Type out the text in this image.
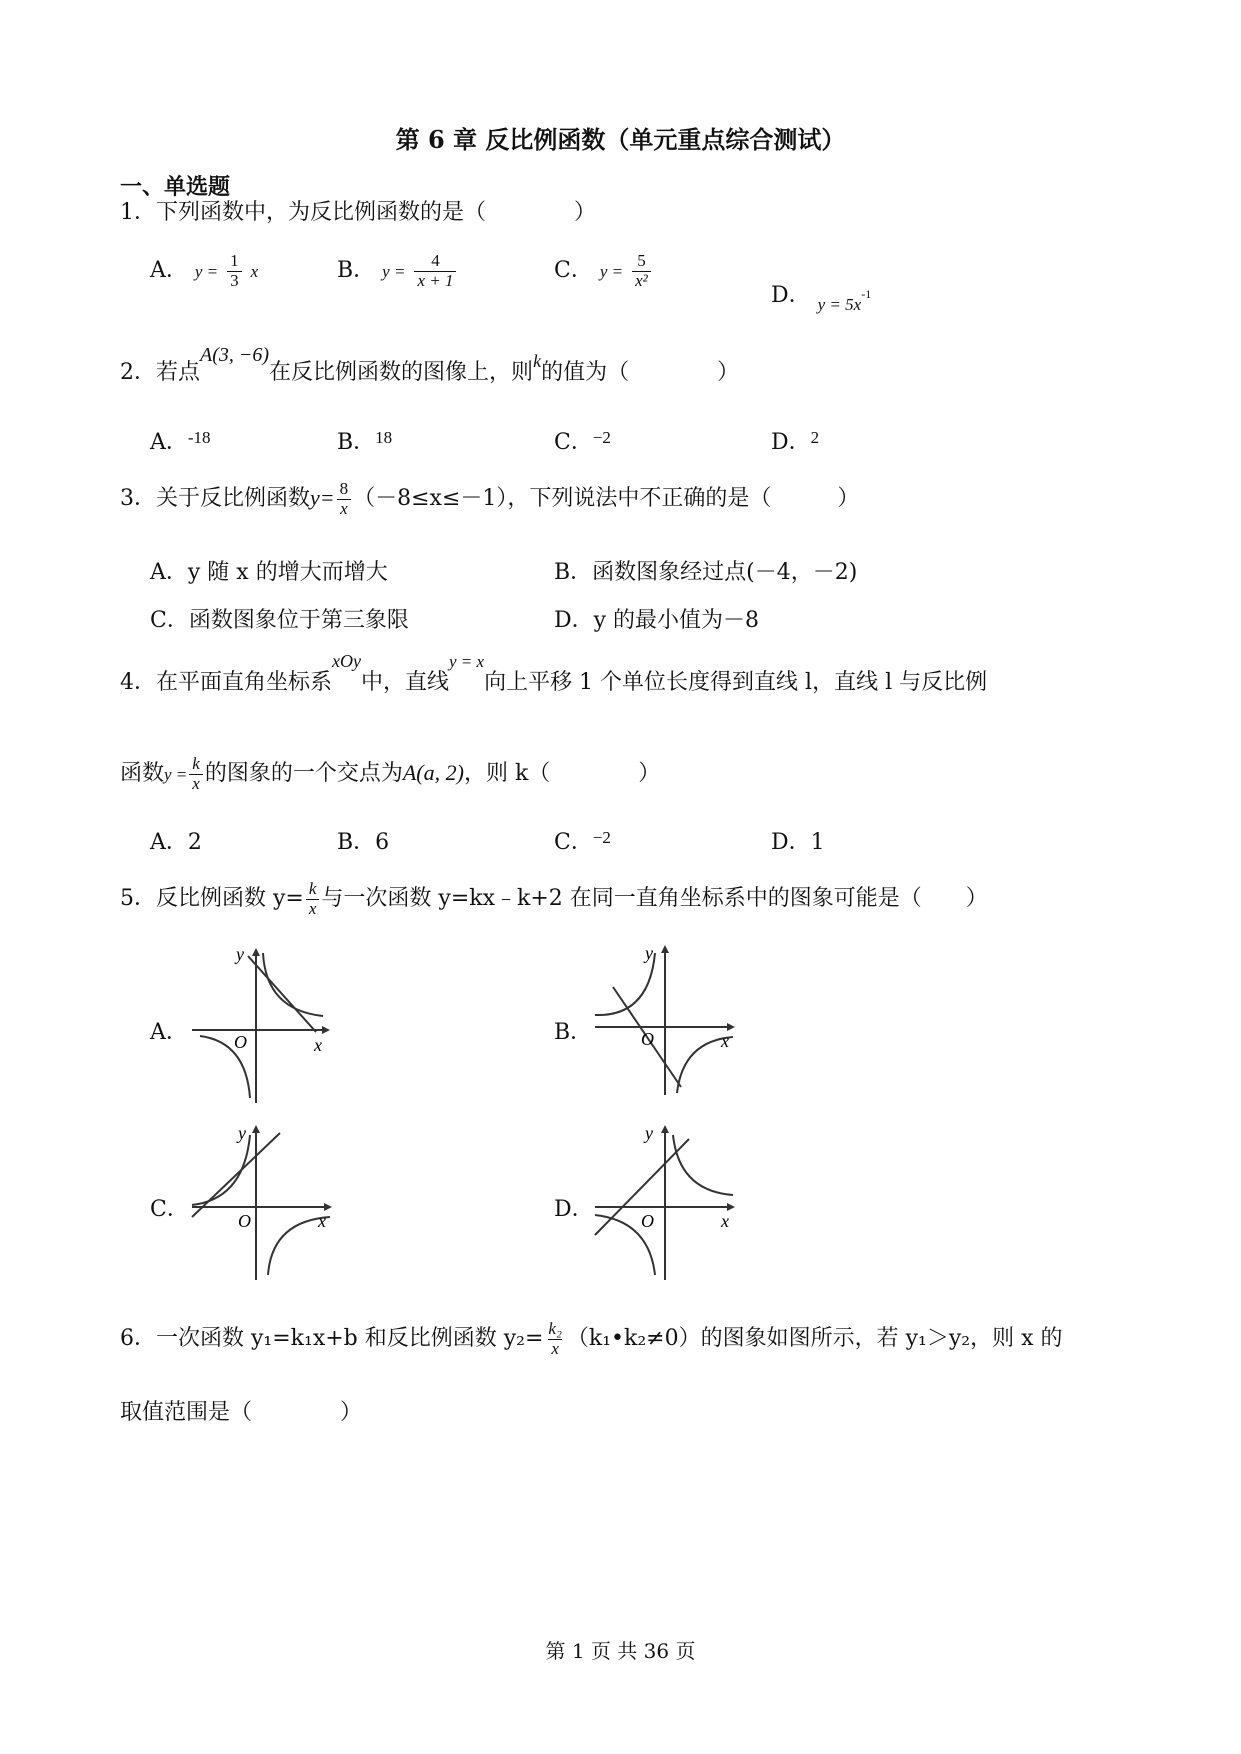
第 6 章 反比例函数（单元重点综合测试）
一、单选题
1．下列函数中，为反比例函数的是（　　　　）
A． $y = \frac{1}{3}$ x	B． $y = \frac{4}{x + 1}$	C． $y = \frac{5}{\text{x²}}$
D． $_{y = 5x}^{-1}$
2．若点A(3, −6)在反比例函数的图像上，则$^k$的值为（　　　　）
A．$^{-18}$	B．$^{18}$	C．$^{-2}$	D．$^2$
3．关于反比例函数$y= \frac{8}{x} (-8\le x\le-1)$，下列说法中不正确的是（　　　）
A．y 随 x 的增大而增大	B．函数图象经过点(－4，－2)
C．函数图象位于第三象限	D．y 的最小值为－8
4．在平面直角坐标系$^{xOy}$中，直线$^{y = x}$向上平移 1 个单位长度得到直线 l，直线 l 与反比例
函数$y = \frac{k}{x}$ 的图象的一个交点为A(a, 2)，则 k（　　　　）
A．2	B．6	C．$^{-2}$	D．1
5．反比例函数 $y= \frac{k}{x}$ 与一次函数 y=kx﹣k+2 在同一直角坐标系中的图象可能是（　　）
A．
y
x
O	B．
y
x
O
C．
y
x
O	D．
y
x
O
6．一次函数 y₁=k₁x+b 和反比例函数 $y_2= \frac{\text{k₂}}{x}$ （k₁•k₂≠0）的图象如图所示，若 y₁＞y₂，则 x 的
取值范围是（　　　　）
第 1 页 共 36 页
